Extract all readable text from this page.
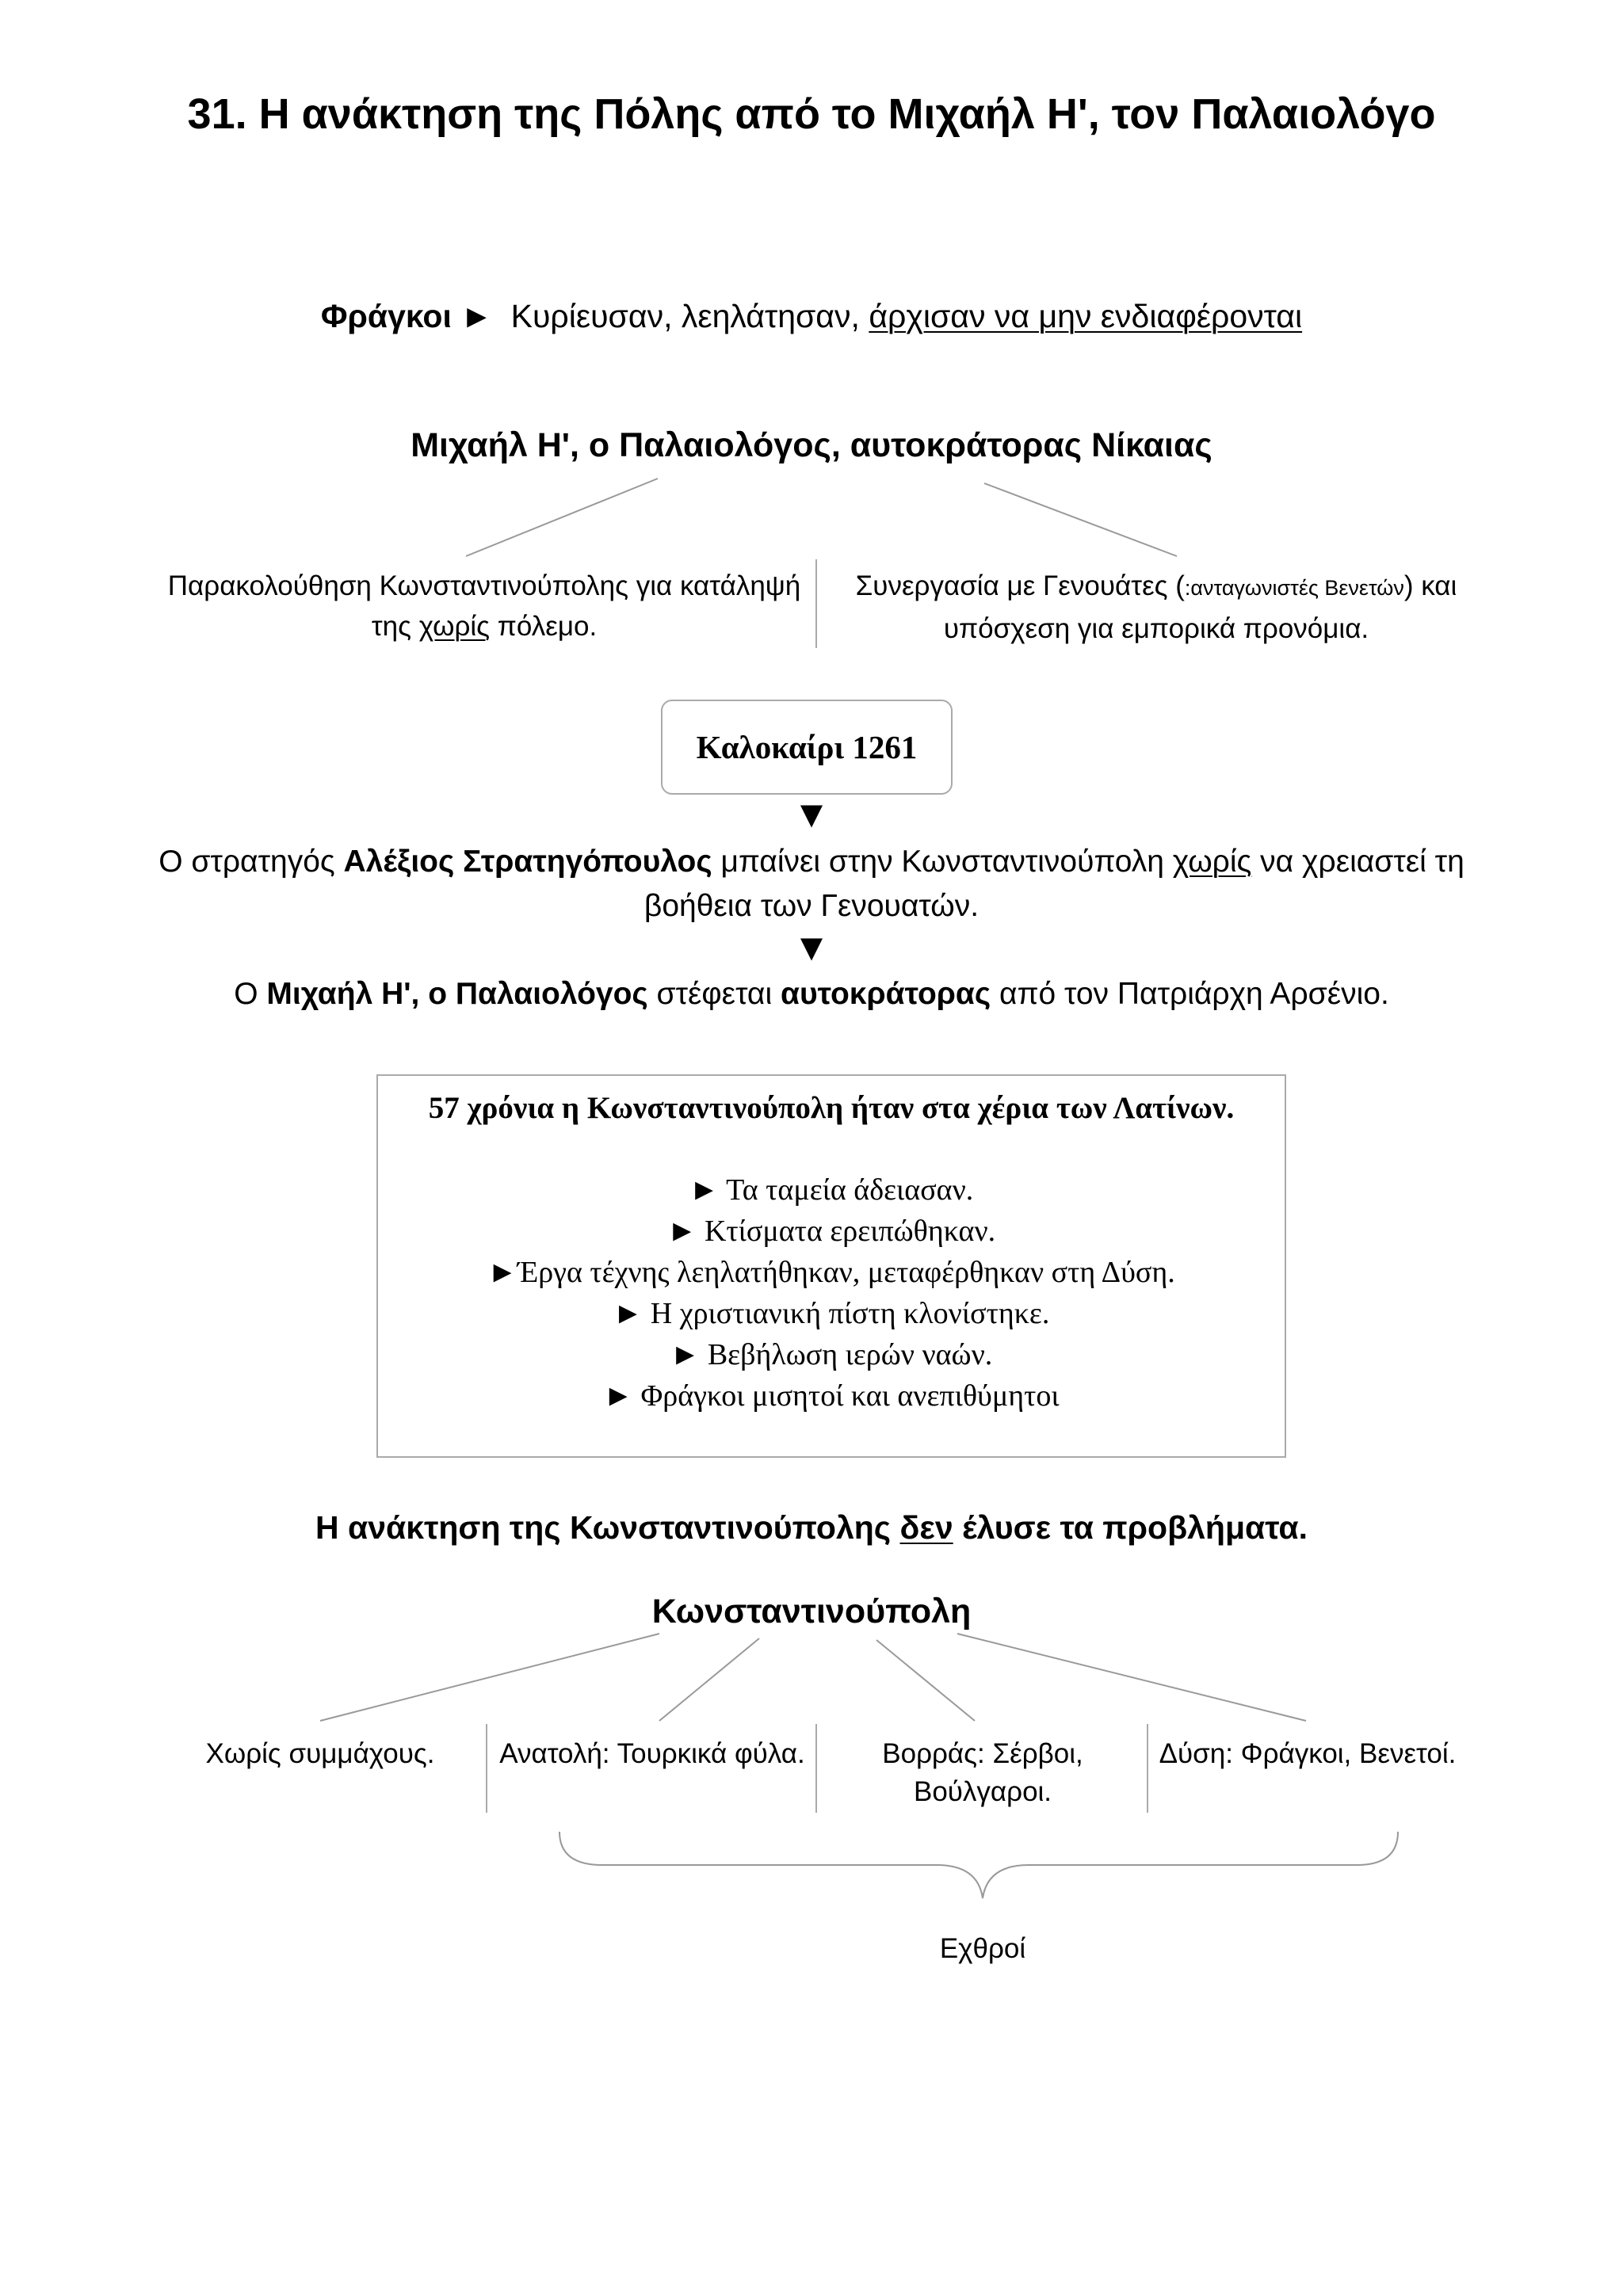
31. Η ανάκτηση της Πόλης από το Μιχαήλ Η', τον Παλαιολόγο
Φράγκοι ► Κυρίευσαν, λεηλάτησαν, άρχισαν να μην ενδιαφέρονται
Μιχαήλ Η', ο Παλαιολόγος, αυτοκράτορας Νίκαιας
Παρακολούθηση Κωνσταντινούπολης για κατάληψή της χωρίς πόλεμο.
Συνεργασία με Γενουάτες (:ανταγωνιστές Βενετών) και υπόσχεση για εμπορικά προνόμια.
Καλοκαίρι 1261
▼
Ο στρατηγός Αλέξιος Στρατηγόπουλος μπαίνει στην Κωνσταντινούπολη χωρίς να χρειαστεί τη βοήθεια των Γενουατών.
▼
Ο Μιχαήλ Η', ο Παλαιολόγος στέφεται αυτοκράτορας από τον Πατριάρχη Αρσένιο.
57 χρόνια η Κωνσταντινούπολη ήταν στα χέρια των Λατίνων.
► Τα ταμεία άδειασαν.
► Κτίσματα ερειπώθηκαν.
►Έργα τέχνης λεηλατήθηκαν, μεταφέρθηκαν στη Δύση.
► Η χριστιανική πίστη κλονίστηκε.
► Βεβήλωση ιερών ναών.
► Φράγκοι μισητοί και ανεπιθύμητοι
Η ανάκτηση της Κωνσταντινούπολης δεν έλυσε τα προβλήματα.
Κωνσταντινούπολη
Χωρίς συμμάχους.	Ανατολή: Τουρκικά φύλα.	Βορράς: Σέρβοι, Βούλγαροι.
Δύση: Φράγκοι, Βενετοί.
Εχθροί
